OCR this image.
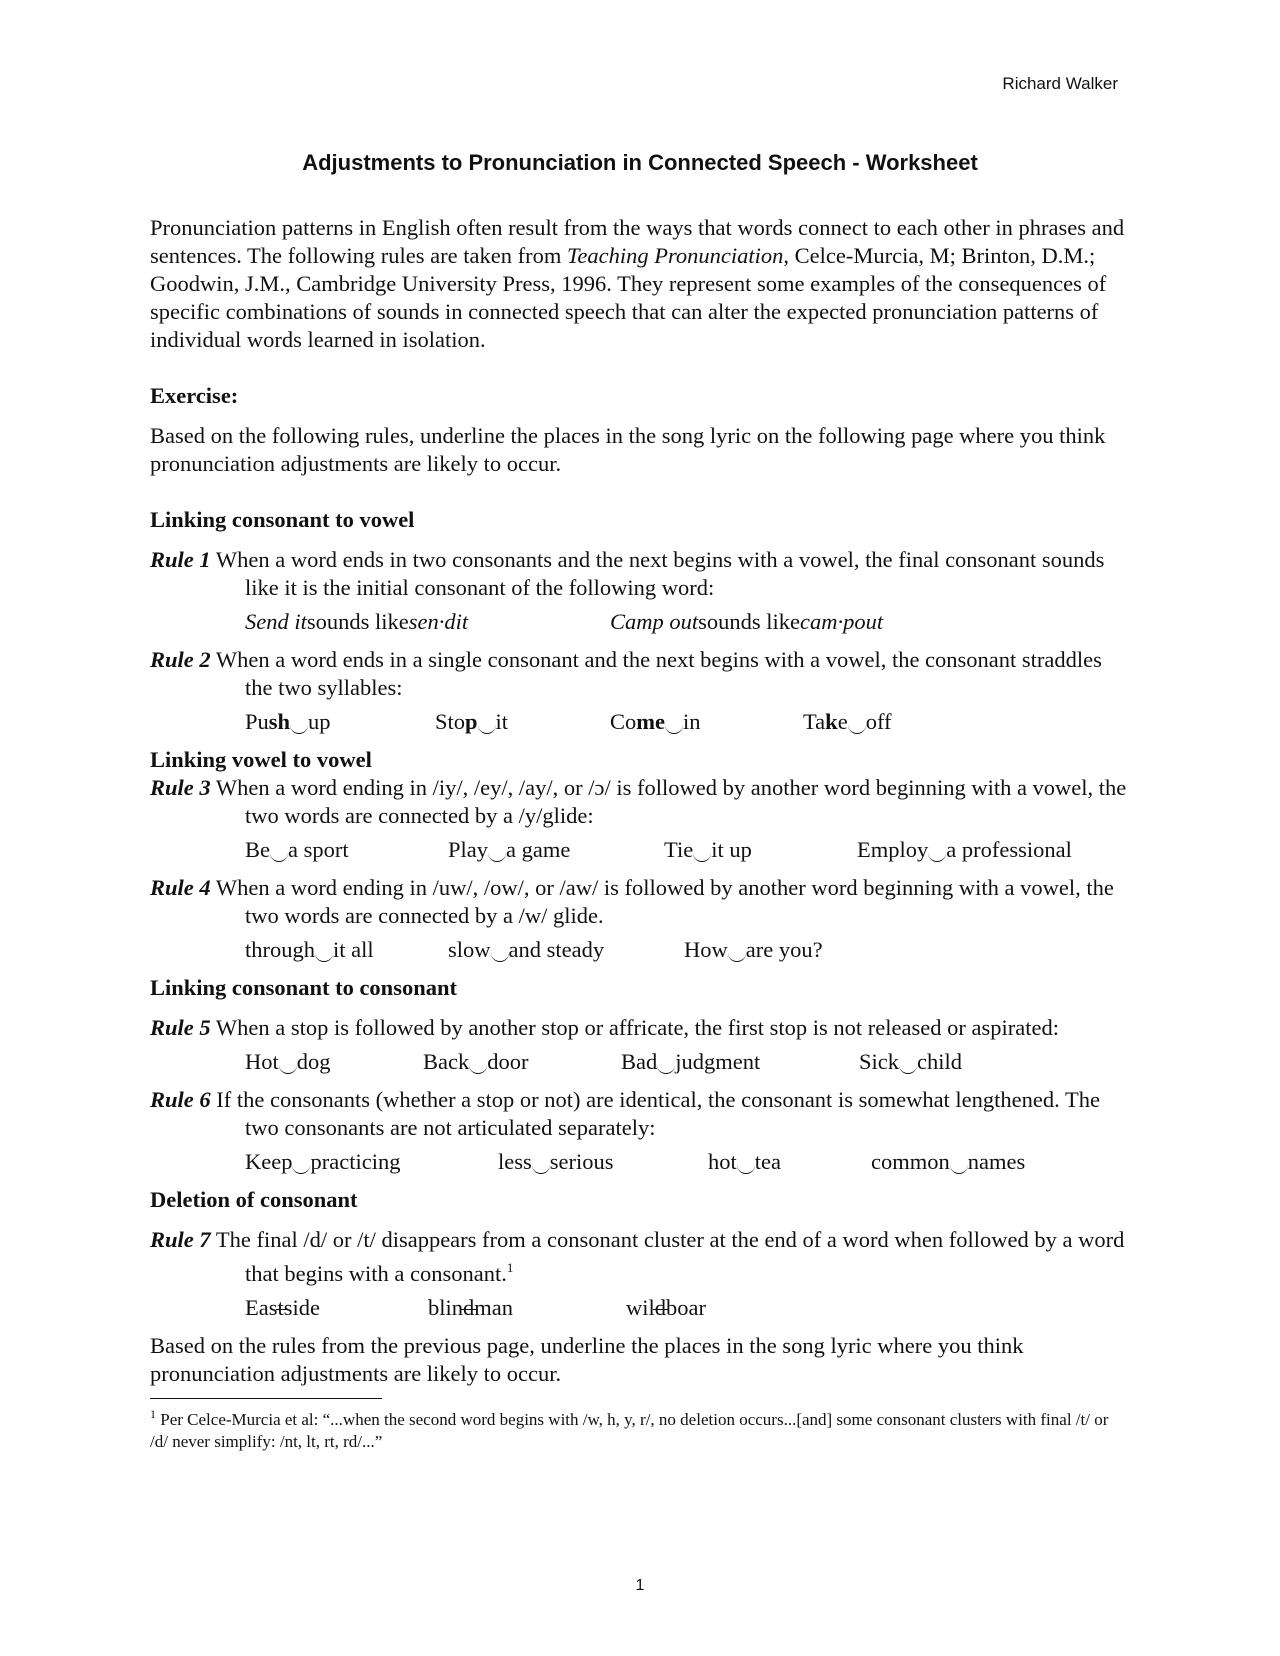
Richard Walker
Adjustments to Pronunciation in Connected Speech - Worksheet

Pronunciation patterns in English often result from the ways that words connect to each other in phrases and sentences. The following rules are taken from Teaching Pronunciation, Celce-Murcia, M; Brinton, D.M.; Goodwin, J.M., Cambridge University Press, 1996. They represent some examples of the consequences of specific combinations of sounds in connected speech that can alter the expected pronunciation patterns of individual words learned in isolation.

Exercise:

Based on the following rules, underline the places in the song lyric on the following page where you think pronunciation adjustments are likely to occur.

Linking consonant to vowel

Rule 1 When a word ends in two consonants and the next begins with a vowel, the final consonant sounds like it is the initial consonant of the following word:

Send itsounds likesen·dit	Camp outsounds likecam·pout

Rule 2 When a word ends in a single consonant and the next begins with a vowel, the consonant straddles the two syllables:

Push up	Stop it	Come in	Take off

Linking vowel to vowel

Rule 3 When a word ending in /iy/, /ey/, /ay/, or /ɔ/ is followed by another word beginning with a vowel, the two words are connected by a /y/glide:

Be a sport	Play a game	Tie it up	Employ a professional

Rule 4 When a word ending in /uw/, /ow/, or /aw/ is followed by another word beginning with a vowel, the two words are connected by a /w/ glide.

through it all	slow and steady	How are you?

Linking consonant to consonant

Rule 5 When a stop is followed by another stop or affricate, the first stop is not released or aspirated:

Hot dog	Back door	Bad judgment	Sick child

Rule 6 If the consonants (whether a stop or not) are identical, the consonant is somewhat lengthened. The two consonants are not articulated separately:

Keep practicing	less serious	hot tea	common names

Deletion of consonant

Rule 7 The final /d/ or /t/ disappears from a consonant cluster at the end of a word when followed by a word that begins with a consonant.$^1$

Eastside	blindman	wildboar

Based on the rules from the previous page, underline the places in the song lyric where you think pronunciation adjustments are likely to occur.

$^1$ Per Celce-Murcia et al: “...when the second word begins with /w, h, y, r/, no deletion occurs...[and] some consonant clusters with final /t/ or /d/ never simplify: /nt, lt, rt, rd/...”

1
